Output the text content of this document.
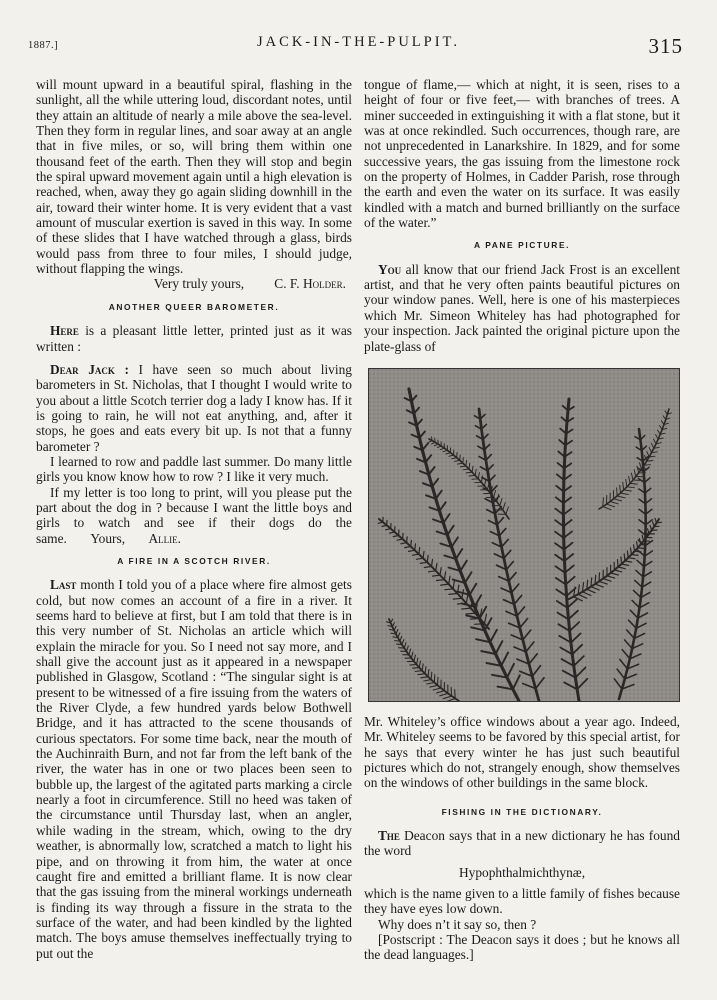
1887.]	JACK-IN-THE-PULPIT.	315

will mount upward in a beautiful spiral, flashing in the sunlight, all the while uttering loud, discordant notes, until they attain an altitude of nearly a mile above the sea-level. Then they form in regular lines, and soar away at an angle that in five miles, or so, will bring them within one thousand feet of the earth. Then they will stop and begin the spiral upward movement again until a high elevation is reached, when, away they go again sliding downhill in the air, toward their winter home. It is very evident that a vast amount of muscular exertion is saved in this way. In some of these slides that I have watched through a glass, birds would pass from three to four miles, I should judge, without flapping the wings.

Very truly yours, C. F. Holder.

ANOTHER QUEER BAROMETER.

Here is a pleasant little letter, printed just as it was written :

Dear Jack : I have seen so much about living barometers in St. Nicholas, that I thought I would write to you about a little Scotch terrier dog a lady I know has. If it is going to rain, he will not eat anything, and, after it stops, he goes and eats every bit up. Is not that a funny barometer ?

I learned to row and paddle last summer. Do many little girls you know know how to row ? I like it very much.

If my letter is too long to print, will you please put the part about the dog in ? because I want the little boys and girls to watch and see if their dogs do the same. Yours, Allie.

A FIRE IN A SCOTCH RIVER.

Last month I told you of a place where fire almost gets cold, but now comes an account of a fire in a river. It seems hard to believe at first, but I am told that there is in this very number of St. Nicholas an article which will explain the miracle for you. So I need not say more, and I shall give the account just as it appeared in a newspaper published in Glasgow, Scotland : “The singular sight is at present to be witnessed of a fire issuing from the waters of the River Clyde, a few hundred yards below Bothwell Bridge, and it has attracted to the scene thousands of curious spectators. For some time back, near the mouth of the Auchinraith Burn, and not far from the left bank of the river, the water has in one or two places been seen to bubble up, the largest of the agitated parts marking a circle nearly a foot in circumference. Still no heed was taken of the circumstance until Thursday last, when an angler, while wading in the stream, which, owing to the dry weather, is abnormally low, scratched a match to light his pipe, and on throwing it from him, the water at once caught fire and emitted a brilliant flame. It is now clear that the gas issuing from the mineral workings underneath is finding its way through a fissure in the strata to the surface of the water, and had been kindled by the lighted match. The boys amuse themselves ineffectually trying to put out the

tongue of flame,— which at night, it is seen, rises to a height of four or five feet,— with branches of trees. A miner succeeded in extinguishing it with a flat stone, but it was at once rekindled. Such occurrences, though rare, are not unprecedented in Lanarkshire. In 1829, and for some successive years, the gas issuing from the limestone rock on the property of Holmes, in Cadder Parish, rose through the earth and even the water on its surface. It was easily kindled with a match and burned brilliantly on the surface of the water.”

A PANE PICTURE.

You all know that our friend Jack Frost is an excellent artist, and that he very often paints beautiful pictures on your window panes. Well, here is one of his masterpieces which Mr. Simeon Whiteley has had photographed for your inspection. Jack painted the original picture upon the plate-glass of

Mr. Whiteley’s office windows about a year ago. Indeed, Mr. Whiteley seems to be favored by this special artist, for he says that every winter he has just such beautiful pictures which do not, strangely enough, show themselves on the windows of other buildings in the same block.

FISHING IN THE DICTIONARY.

The Deacon says that in a new dictionary he has found the word

Hypophthalmichthynæ,

which is the name given to a little family of fishes because they have eyes low down.

Why does n’t it say so, then ?

[Postscript : The Deacon says it does ; but he knows all the dead languages.]
